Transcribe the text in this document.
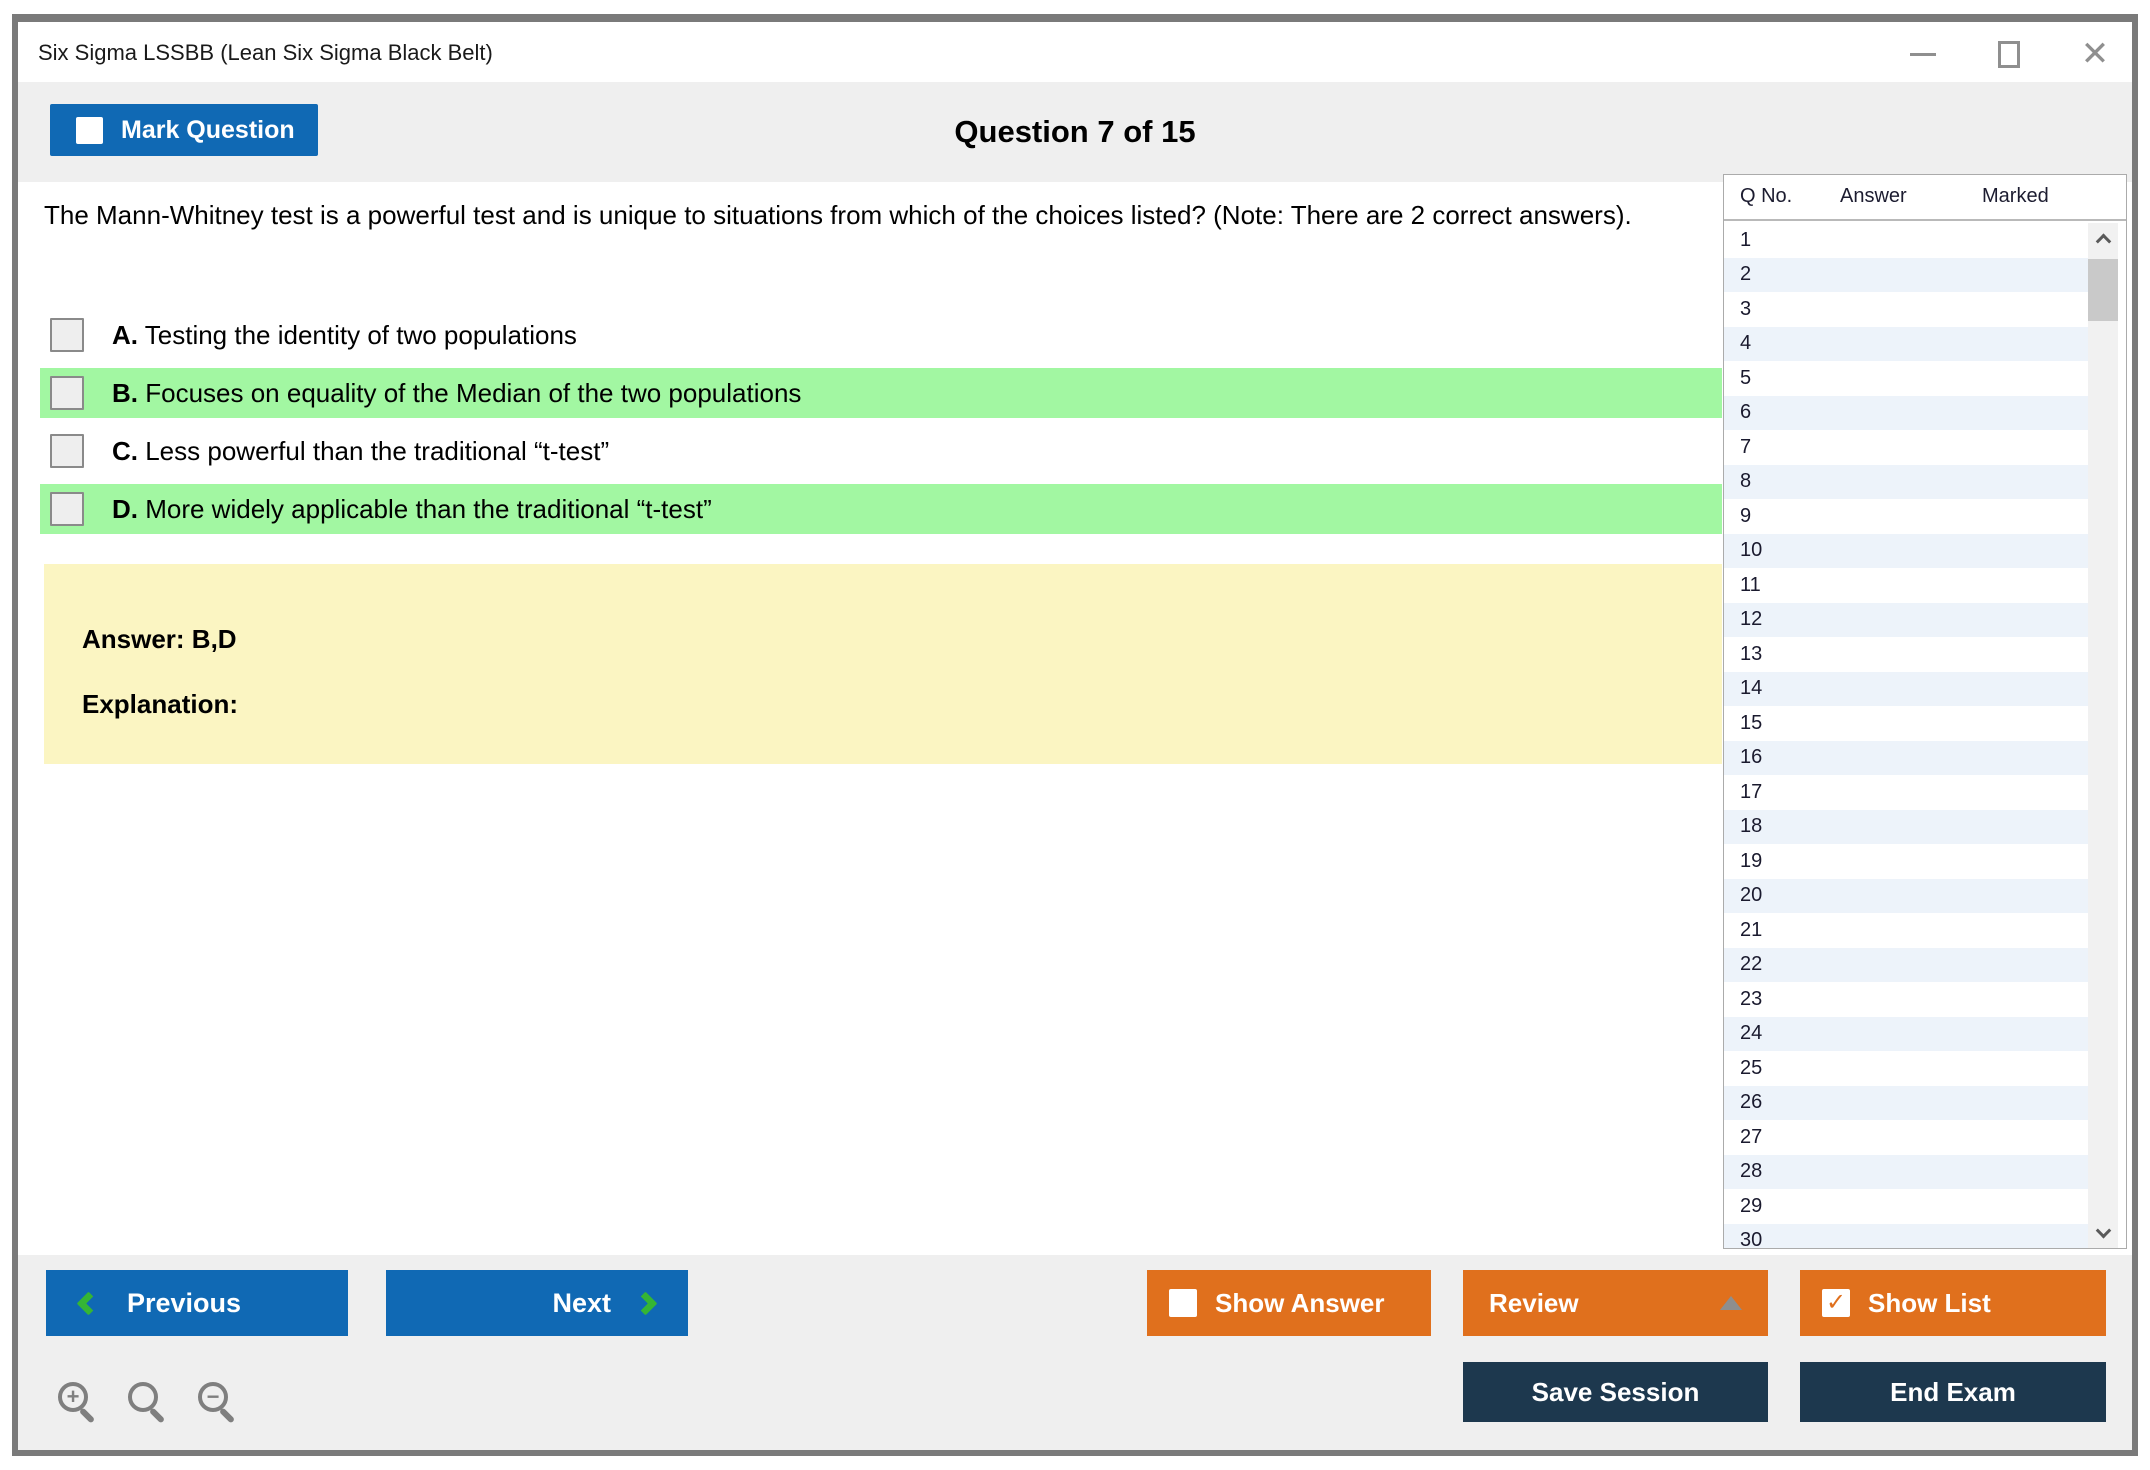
Six Sigma LSSBB (Lean Six Sigma Black Belt)	✕
Question 7 of 15
Mark Question
The Mann-Whitney test is a powerful test and is unique to situations from which of the choices listed? (Note: There are 2 correct answers).
A. Testing the identity of two populations
B. Focuses on equality of the Median of the two populations
C. Less powerful than the traditional “t-test”
D. More widely applicable than the traditional “t-test”
Answer: B,D
Explanation:
Q No. Answer	Marked
1
2
3
4
5
6
7
8
9
10
11
12
13
14
15
16
17
18
19
20
21
22
23
24
25
26
27
28
29
30
Previous	Next	Show Answer	Review	✓ Show List
Save Session	End Exam
+	−
